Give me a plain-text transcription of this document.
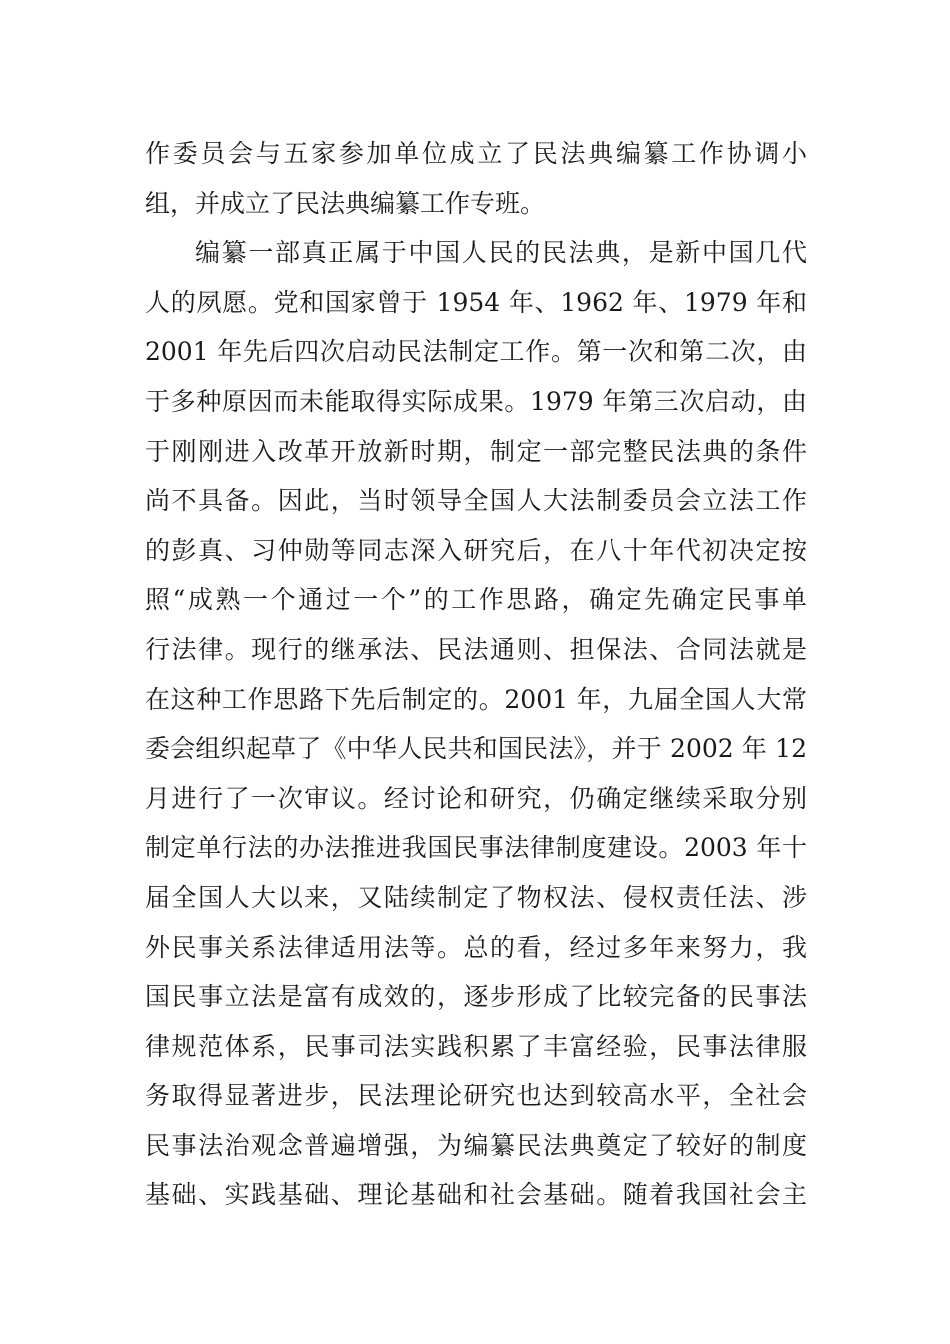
作委员会与五家参加单位成立了民法典编纂工作协调小
组，并成立了民法典编纂工作专班。
编纂一部真正属于中国人民的民法典，是新中国几代
人的夙愿。党和国家曾于 1954 年、1962 年、1979 年和
2001 年先后四次启动民法制定工作。第一次和第二次，由
于多种原因而未能取得实际成果。1979 年第三次启动，由
于刚刚进入改革开放新时期，制定一部完整民法典的条件
尚不具备。因此，当时领导全国人大法制委员会立法工作
的彭真、习仲勋等同志深入研究后，在八十年代初决定按
照“成熟一个通过一个”的工作思路，确定先确定民事单
行法律。现行的继承法、民法通则、担保法、合同法就是
在这种工作思路下先后制定的。2001 年，九届全国人大常
委会组织起草了《中华人民共和国民法》，并于 2002 年 12
月进行了一次审议。经讨论和研究，仍确定继续采取分别
制定单行法的办法推进我国民事法律制度建设。2003 年十
届全国人大以来，又陆续制定了物权法、侵权责任法、涉
外民事关系法律适用法等。总的看，经过多年来努力，我
国民事立法是富有成效的，逐步形成了比较完备的民事法
律规范体系，民事司法实践积累了丰富经验，民事法律服
务取得显著进步，民法理论研究也达到较高水平，全社会
民事法治观念普遍增强，为编纂民法典奠定了较好的制度
基础、实践基础、理论基础和社会基础。随着我国社会主
